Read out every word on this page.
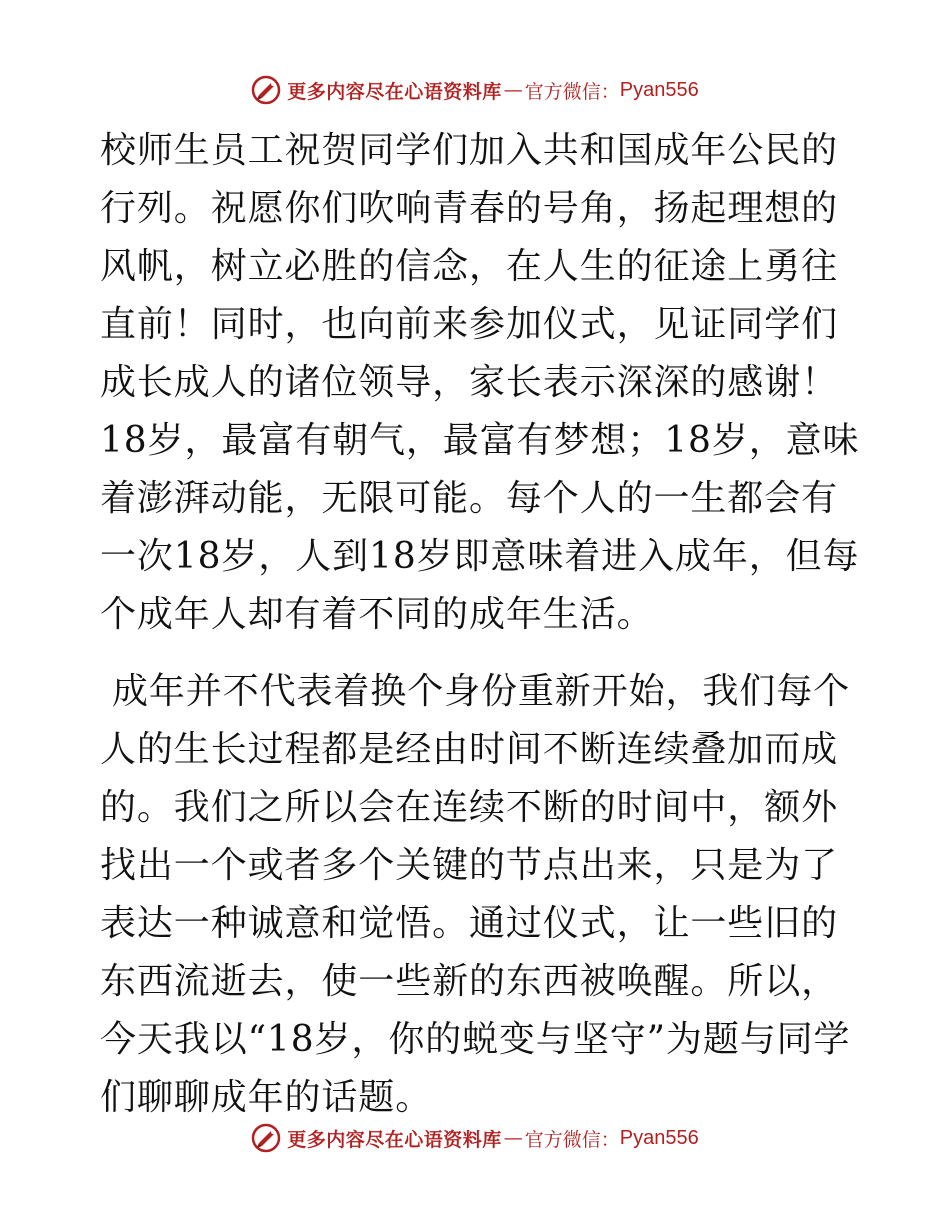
更多内容尽在心语资料库 — 官方微信： Pyan556

校师生员工祝贺同学们加入共和国成年公民的行列。祝愿你们吹响青春的号角，扬起理想的风帆，树立必胜的信念，在人生的征途上勇往直前！同时，也向前来参加仪式，见证同学们成长成人的诸位领导，家长表示深深的感谢！18岁，最富有朝气，最富有梦想；18岁，意味着澎湃动能，无限可能。每个人的一生都会有一次18岁，人到18岁即意味着进入成年，但每个成年人却有着不同的成年生活。

成年并不代表着换个身份重新开始，我们每个人的生长过程都是经由时间不断连续叠加而成的。我们之所以会在连续不断的时间中，额外找出一个或者多个关键的节点出来，只是为了表达一种诚意和觉悟。通过仪式，让一些旧的东西流逝去，使一些新的东西被唤醒。所以，今天我以“18岁，你的蜕变与坚守”为题与同学们聊聊成年的话题。

更多内容尽在心语资料库 — 官方微信： Pyan556
